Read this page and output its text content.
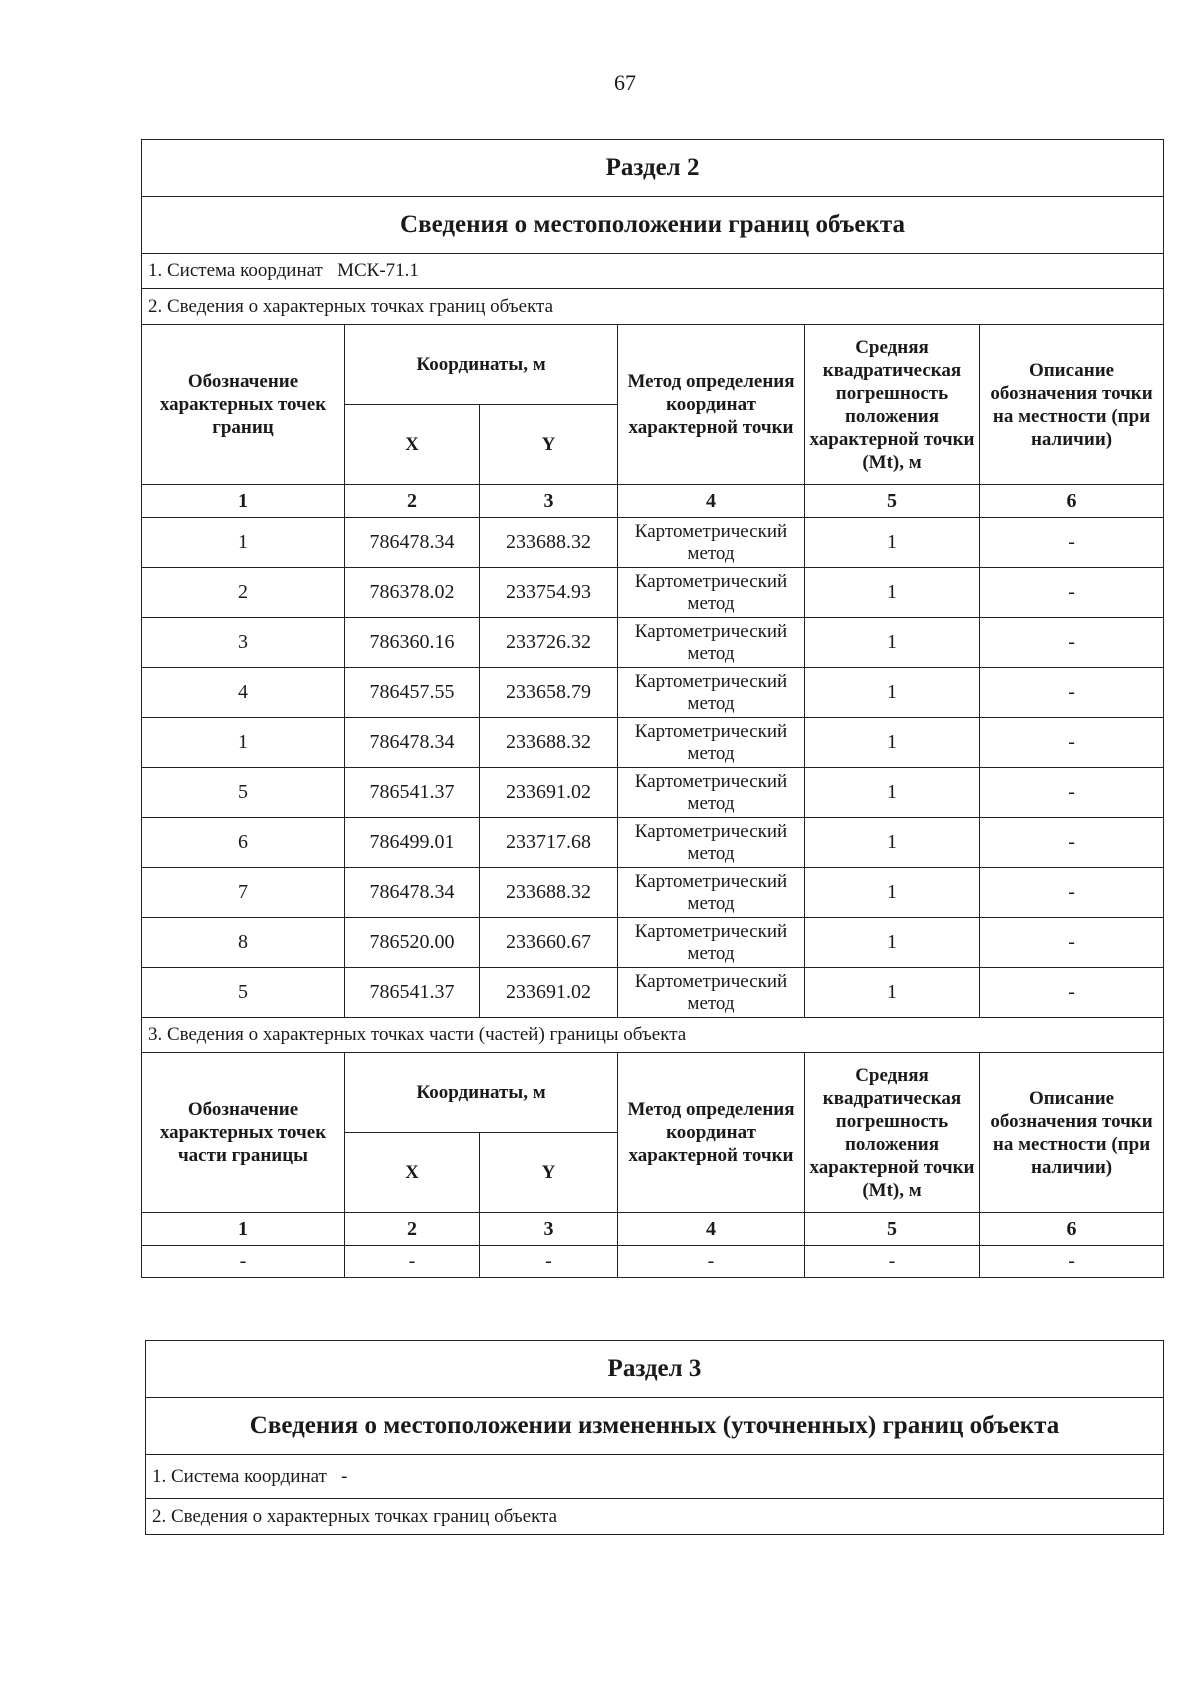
67
Раздел 2					
Сведения о местоположении границ объекта					
1. Система координат МСК-71.1					
2. Сведения о характерных точках границ объекта					
Обозначение характерных точек границ	Координаты, м		Метод определения координат характерной точки	Средняя квадратическая погрешность положения характерной точки (Mt), м	Описание обозначения точки на местности (при наличии)
	X	Y			
1	2	3	4	5	6
1	786478.34	233688.32	Картометрический метод	1	-
2	786378.02	233754.93	Картометрический метод	1	-
3	786360.16	233726.32	Картометрический метод	1	-
4	786457.55	233658.79	Картометрический метод	1	-
1	786478.34	233688.32	Картометрический метод	1	-
5	786541.37	233691.02	Картометрический метод	1	-
6	786499.01	233717.68	Картометрический метод	1	-
7	786478.34	233688.32	Картометрический метод	1	-
8	786520.00	233660.67	Картометрический метод	1	-
5	786541.37	233691.02	Картометрический метод	1	-
3. Сведения о характерных точках части (частей) границы объекта					
Обозначение характерных точек части границы	Координаты, м		Метод определения координат характерной точки	Средняя квадратическая погрешность положения характерной точки (Mt), м	Описание обозначения точки на местности (при наличии)
	X	Y			
1	2	3	4	5	6
-	-	-	-	-	-
Раздел 3
Сведения о местоположении измененных (уточненных) границ объекта
1. Система координат -
2. Сведения о характерных точках границ объекта
